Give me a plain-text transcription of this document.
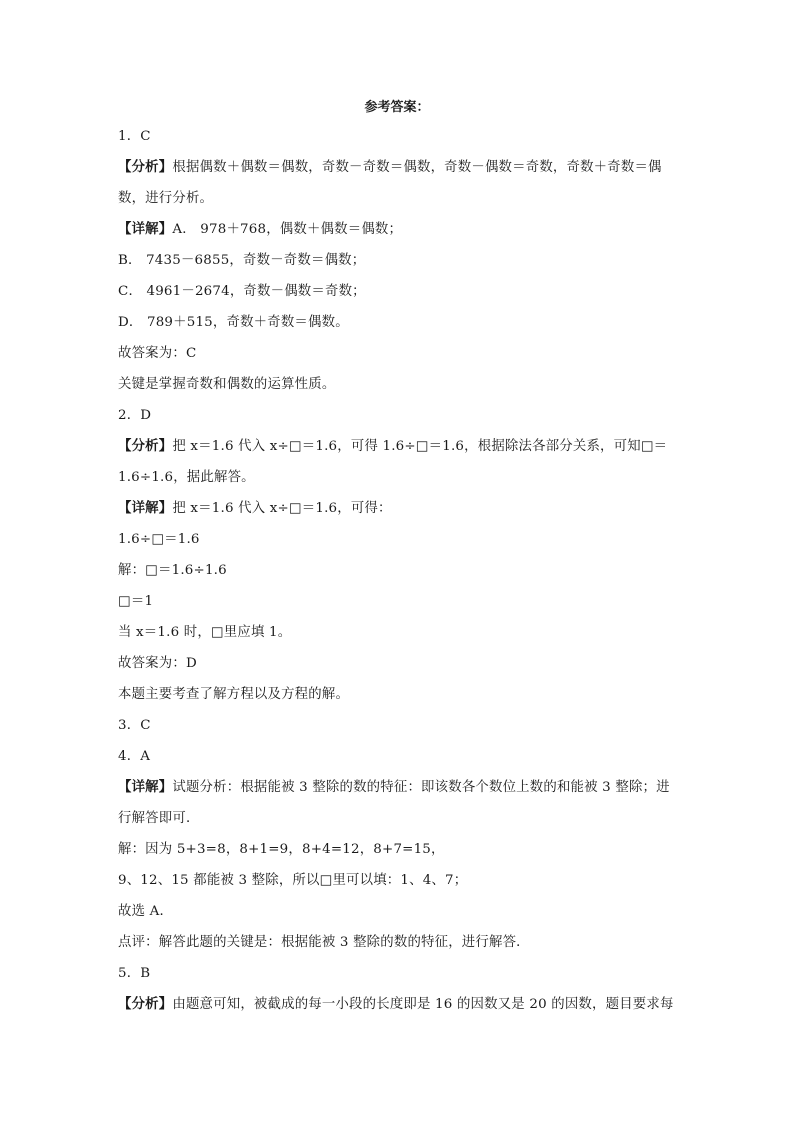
参考答案：
1．C
【分析】根据偶数＋偶数＝偶数，奇数－奇数＝偶数，奇数－偶数＝奇数，奇数＋奇数＝偶
数，进行分析。
【详解】A． 978＋768，偶数＋偶数＝偶数；
B． 7435－6855，奇数－奇数＝偶数；
C． 4961－2674，奇数－偶数＝奇数；
D． 789＋515，奇数＋奇数＝偶数。
故答案为：C
关键是掌握奇数和偶数的运算性质。
2．D
【分析】把 x＝1.6 代入 x÷□＝1.6，可得 1.6÷□＝1.6，根据除法各部分关系，可知□＝
1.6÷1.6，据此解答。
【详解】把 x＝1.6 代入 x÷□＝1.6，可得：
1.6÷□＝1.6
解：□＝1.6÷1.6
□＝1
当 x＝1.6 时，□里应填 1。
故答案为：D
本题主要考查了解方程以及方程的解。
3．C
4．A
【详解】试题分析：根据能被 3 整除的数的特征：即该数各个数位上数的和能被 3 整除；进
行解答即可．
解：因为 5+3=8，8+1=9，8+4=12，8+7=15，
9、12、15 都能被 3 整除，所以□里可以填：1、4、7；
故选 A．
点评：解答此题的关键是：根据能被 3 整除的数的特征，进行解答．
5．B
【分析】由题意可知，被截成的每一小段的长度即是 16 的因数又是 20 的因数，题目要求每
